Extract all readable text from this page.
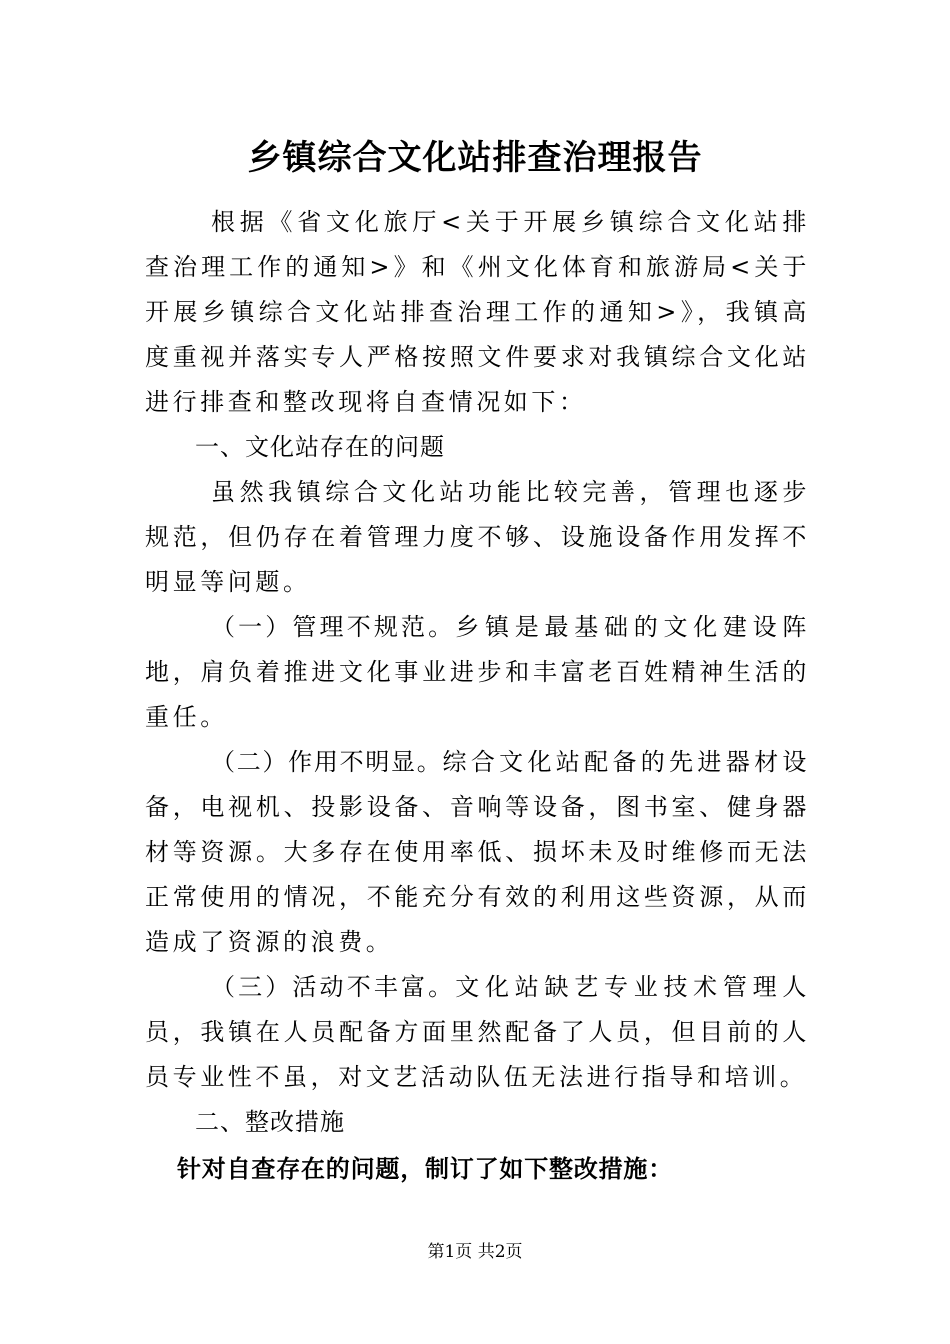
乡镇综合文化站排查治理报告

根据《省文化旅厅<关于开展乡镇综合文化站排查治理工作的通知>》和《州文化体育和旅游局<关于开展乡镇综合文化站排查治理工作的通知>》，我镇高度重视并落实专人严格按照文件要求对我镇综合文化站进行排查和整改现将自查情况如下：

一、文化站存在的问题

虽然我镇综合文化站功能比较完善，管理也逐步规范，但仍存在着管理力度不够、设施设备作用发挥不明显等问题。

（一）管理不规范。乡镇是最基础的文化建设阵地，肩负着推进文化事业进步和丰富老百姓精神生活的重任。

（二）作用不明显。综合文化站配备的先进器材设备，电视机、投影设备、音响等设备，图书室、健身器材等资源。大多存在使用率低、损坏未及时维修而无法正常使用的情况，不能充分有效的利用这些资源，从而造成了资源的浪费。

（三）活动不丰富。文化站缺艺专业技术管理人员，我镇在人员配备方面里然配备了人员，但目前的人员专业性不虽，对文艺活动队伍无法进行指导和培训。

二、整改措施

针对自查存在的问题，制订了如下整改措施：

第1页 共2页
